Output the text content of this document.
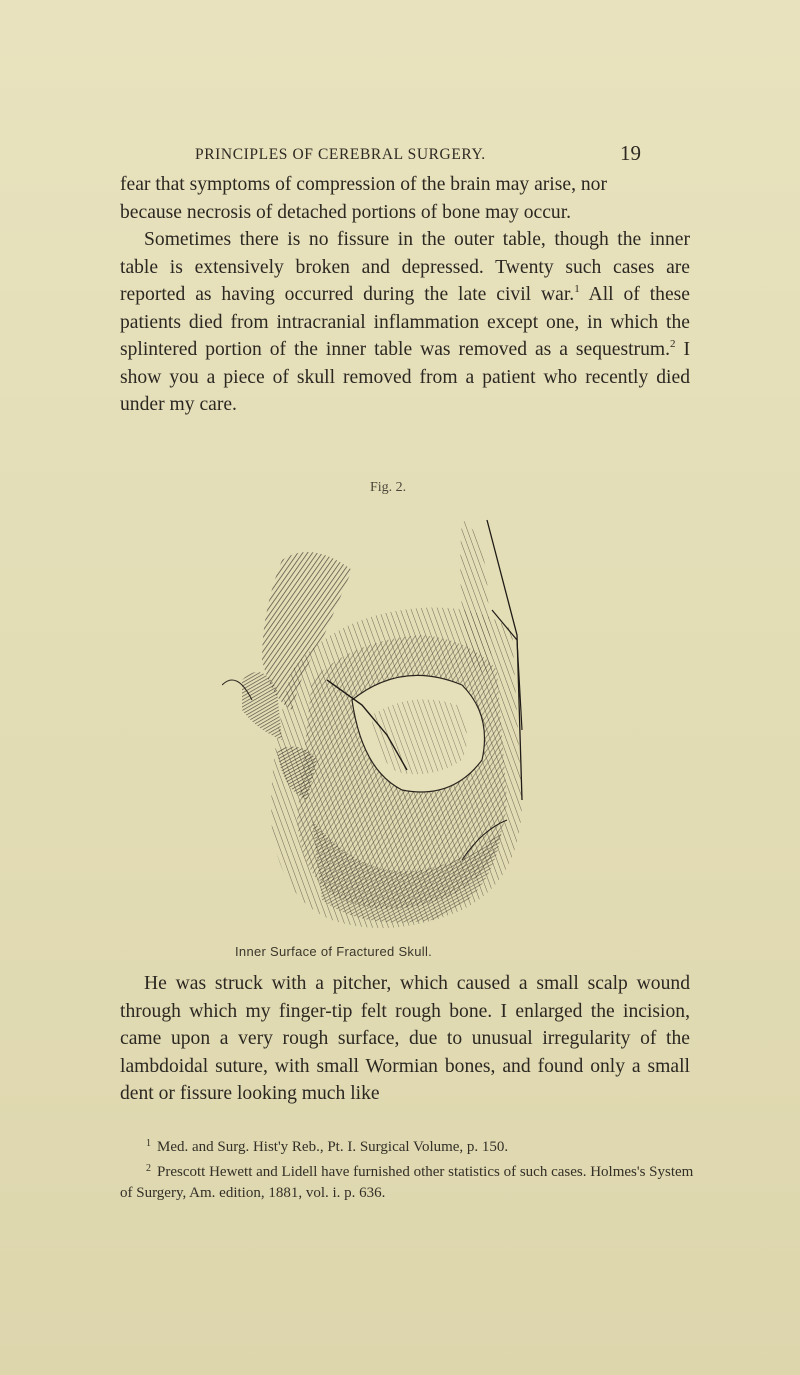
PRINCIPLES OF CEREBRAL SURGERY.	19

fear that symptoms of compression of the brain may arise, nor

because necrosis of detached portions of bone may occur.

Sometimes there is no fissure in the outer table, though the inner table is extensively broken and depressed. Twenty such cases are reported as having occurred during the late civil war.$^1$ All of these patients died from intracranial inflammation except one, in which the splintered portion of the inner table was removed as a sequestrum.$^2$ I show you a piece of skull removed from a patient who recently died under my care.

Fig. 2.
Inner Surface of Fractured Skull.

He was struck with a pitcher, which caused a small scalp wound through which my finger-tip felt rough bone. I enlarged the incision, came upon a very rough surface, due to unusual irregularity of the lambdoidal suture, with small Wormian bones, and found only a small dent or fissure looking much like

$^1$ Med. and Surg. Hist'y Reb., Pt. I. Surgical Volume, p. 150.

$^2$ Prescott Hewett and Lidell have furnished other statistics of such cases. Holmes's System of Surgery, Am. edition, 1881, vol. i. p. 636.
